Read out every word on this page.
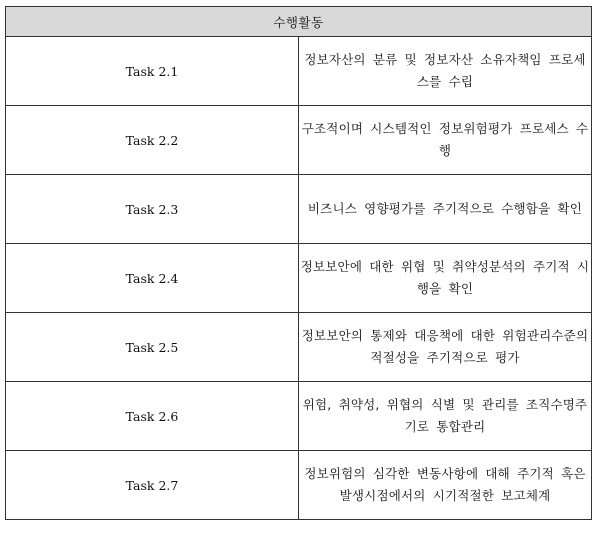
수행활동	
Task 2.1	정보자산의 분류 및 정보자산 소유자책임 프로세스를 수립
Task 2.2	구조적이며 시스템적인 정보위험평가 프로세스 수행
Task 2.3	비즈니스 영향평가를 주기적으로 수행함을 확인
Task 2.4	정보보안에 대한 위협 및 취약성분석의 주기적 시행을 확인
Task 2.5	정보보안의 통제와 대응책에 대한 위험관리수준의 적절성을 주기적으로 평가
Task 2.6	위험, 취약성, 위협의 식별 및 관리를 조직수명주기로 통합관리
Task 2.7	정보위험의 심각한 변동사항에 대해 주기적 혹은 발생시점에서의 시기적절한 보고체계
